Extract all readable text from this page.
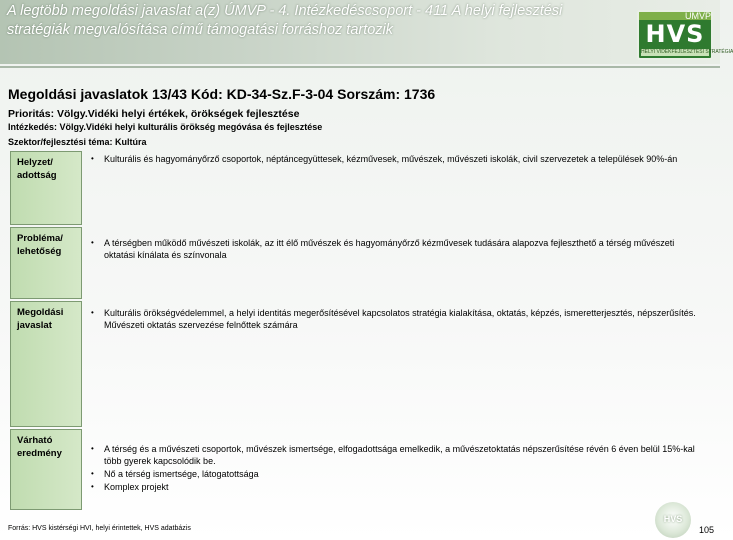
A legtöbb megoldási javaslat a(z) ÚMVP - 4. Intézkedéscsoport - 411 A helyi fejlesztési stratégiák megvalósítása című támogatási forráshoz tartozik
ÚMVP
HVS
HELYI VIDÉKFEJLESZTÉSI STRATÉGIA
Megoldási javaslatok 13/43 Kód: KD-34-Sz.F-3-04 Sorszám: 1736
Prioritás: Völgy.Vidéki helyi értékek, örökségek fejlesztése
Intézkedés: Völgy.Vidéki helyi kulturális örökség megóvása és fejlesztése
Szektor/fejlesztési téma: Kultúra
Helyzet/ adottság
• Kulturális és hagyományőrző csoportok, néptáncegyüttesek, kézművesek, művészek, művészeti iskolák, civil szervezetek a települések 90%-án
Probléma/ lehetőség
• A térségben működő művészeti iskolák, az itt élő művészek és hagyományőrző kézművesek tudására alapozva fejleszthető a térség művészeti oktatási kínálata és színvonala
Megoldási javaslat
• Kulturális örökségvédelemmel, a helyi identitás megerősítésével kapcsolatos stratégia kialakítása, oktatás, képzés, ismeretterjesztés, népszerűsítés. Művészeti oktatás szervezése felnőttek számára
Várható eredmény
•	A térség és a művészeti csoportok, művészek ismertsége, elfogadottsága emelkedik, a művészetoktatás népszerűsítése révén 6 éven belül 15%-kal több gyerek kapcsolódik be.
• Nő a térség ismertsége, látogatottsága
• Komplex projekt
Forrás: HVS kistérségi HVI, helyi érintettek, HVS adatbázis
HVS
105
